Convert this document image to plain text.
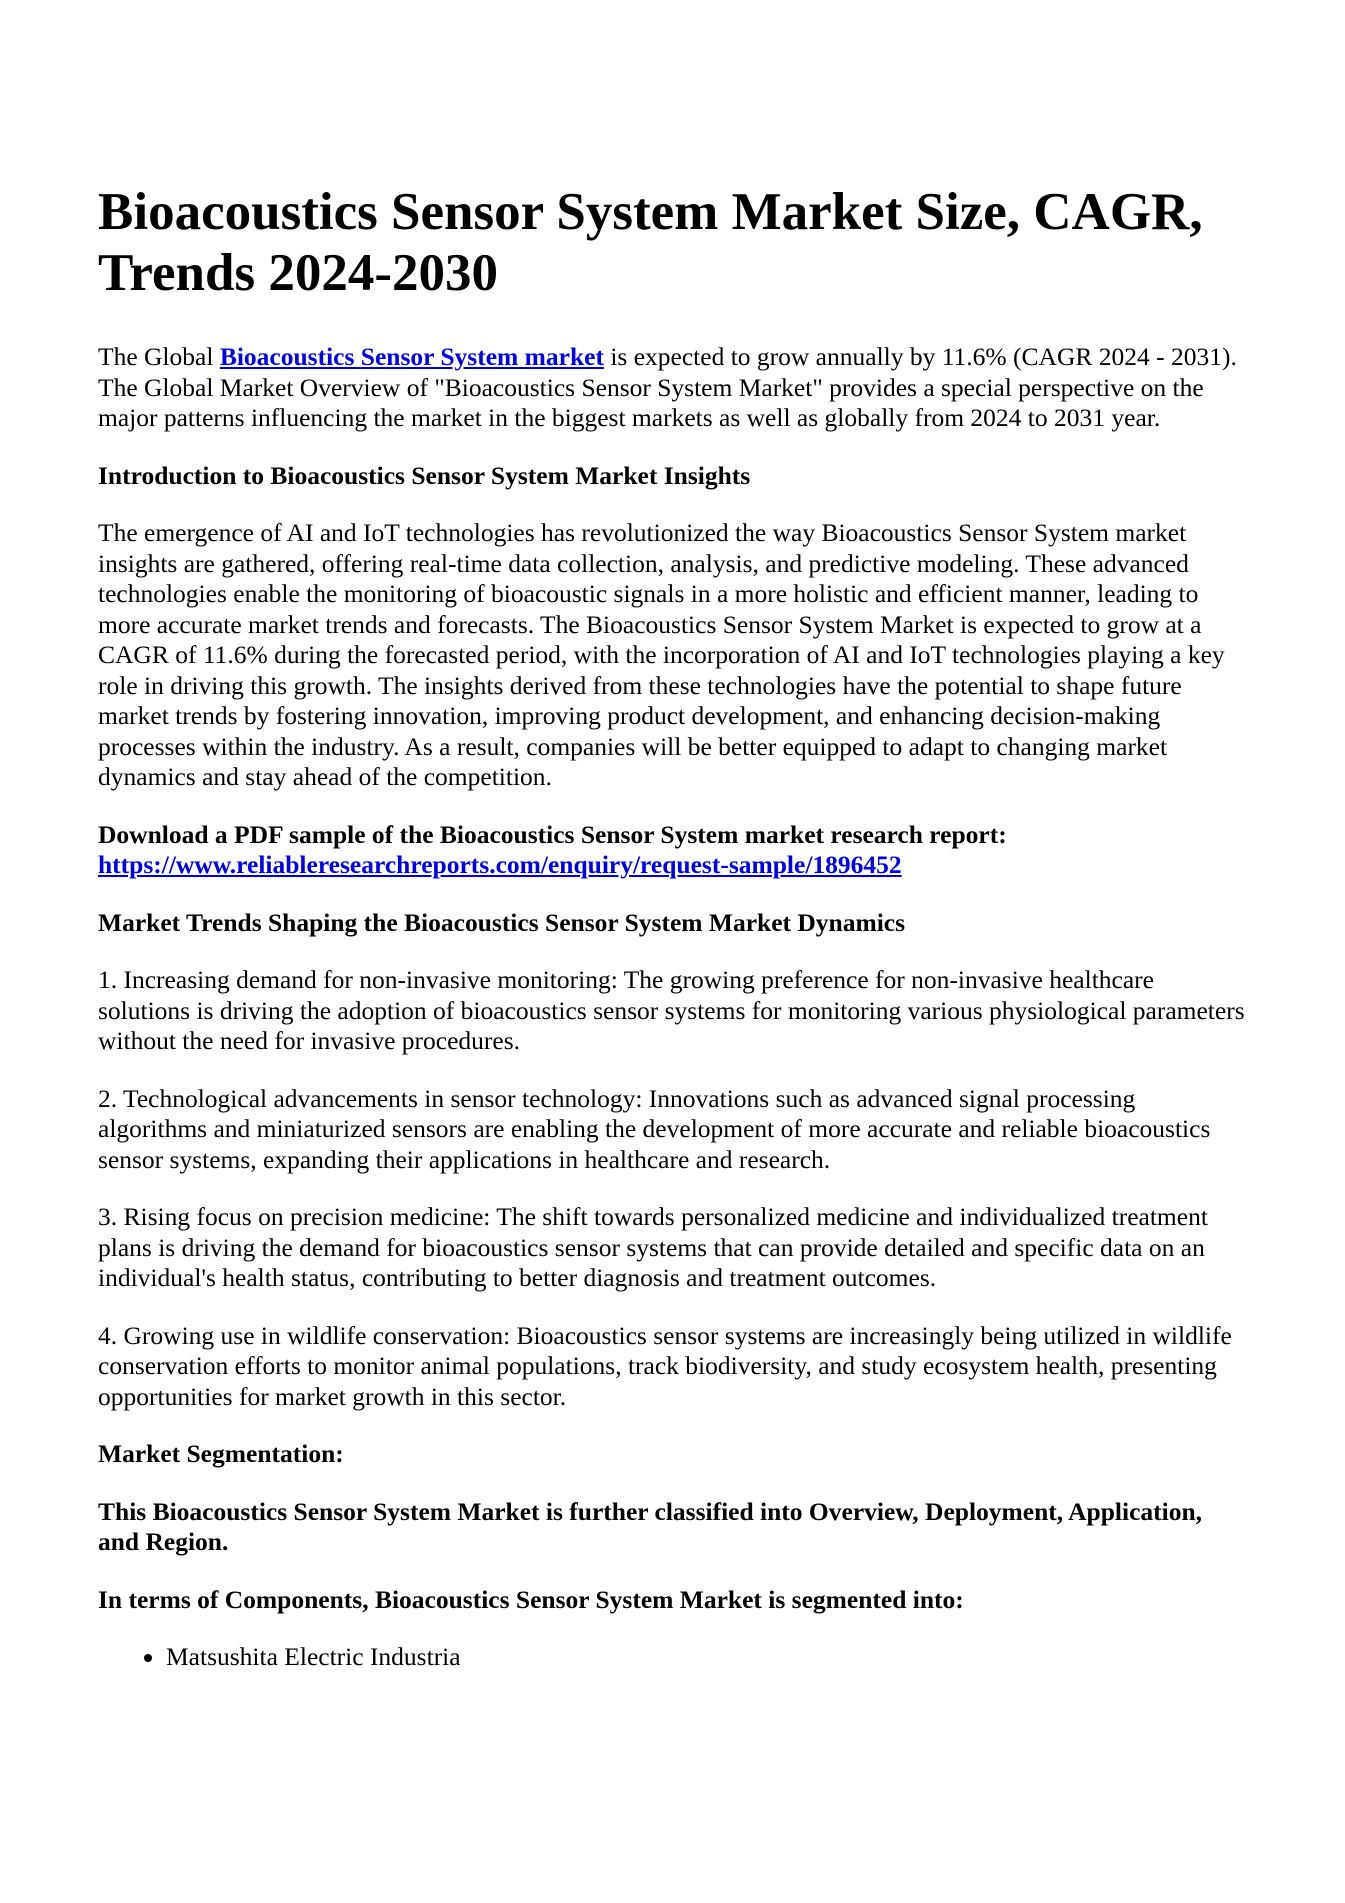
Bioacoustics Sensor System Market Size, CAGR, Trends 2024-2030

The Global Bioacoustics Sensor System market is expected to grow annually by 11.6% (CAGR 2024 - 2031). The Global Market Overview of "Bioacoustics Sensor System Market" provides a special perspective on the major patterns influencing the market in the biggest markets as well as globally from 2024 to 2031 year.

Introduction to Bioacoustics Sensor System Market Insights

The emergence of AI and IoT technologies has revolutionized the way Bioacoustics Sensor System market insights are gathered, offering real-time data collection, analysis, and predictive modeling. These advanced technologies enable the monitoring of bioacoustic signals in a more holistic and efficient manner, leading to more accurate market trends and forecasts. The Bioacoustics Sensor System Market is expected to grow at a CAGR of 11.6% during the forecasted period, with the incorporation of AI and IoT technologies playing a key role in driving this growth. The insights derived from these technologies have the potential to shape future market trends by fostering innovation, improving product development, and enhancing decision-making processes within the industry. As a result, companies will be better equipped to adapt to changing market dynamics and stay ahead of the competition.

Download a PDF sample of the Bioacoustics Sensor System market research report:
https://www.reliableresearchreports.com/enquiry/request-sample/1896452

Market Trends Shaping the Bioacoustics Sensor System Market Dynamics

1. Increasing demand for non-invasive monitoring: The growing preference for non-invasive healthcare solutions is driving the adoption of bioacoustics sensor systems for monitoring various physiological parameters without the need for invasive procedures.

2. Technological advancements in sensor technology: Innovations such as advanced signal processing algorithms and miniaturized sensors are enabling the development of more accurate and reliable bioacoustics sensor systems, expanding their applications in healthcare and research.

3. Rising focus on precision medicine: The shift towards personalized medicine and individualized treatment plans is driving the demand for bioacoustics sensor systems that can provide detailed and specific data on an individual's health status, contributing to better diagnosis and treatment outcomes.

4. Growing use in wildlife conservation: Bioacoustics sensor systems are increasingly being utilized in wildlife conservation efforts to monitor animal populations, track biodiversity, and study ecosystem health, presenting opportunities for market growth in this sector.

Market Segmentation:

This Bioacoustics Sensor System Market is further classified into Overview, Deployment, Application, and Region.

In terms of Components, Bioacoustics Sensor System Market is segmented into:

• Matsushita Electric Industria
